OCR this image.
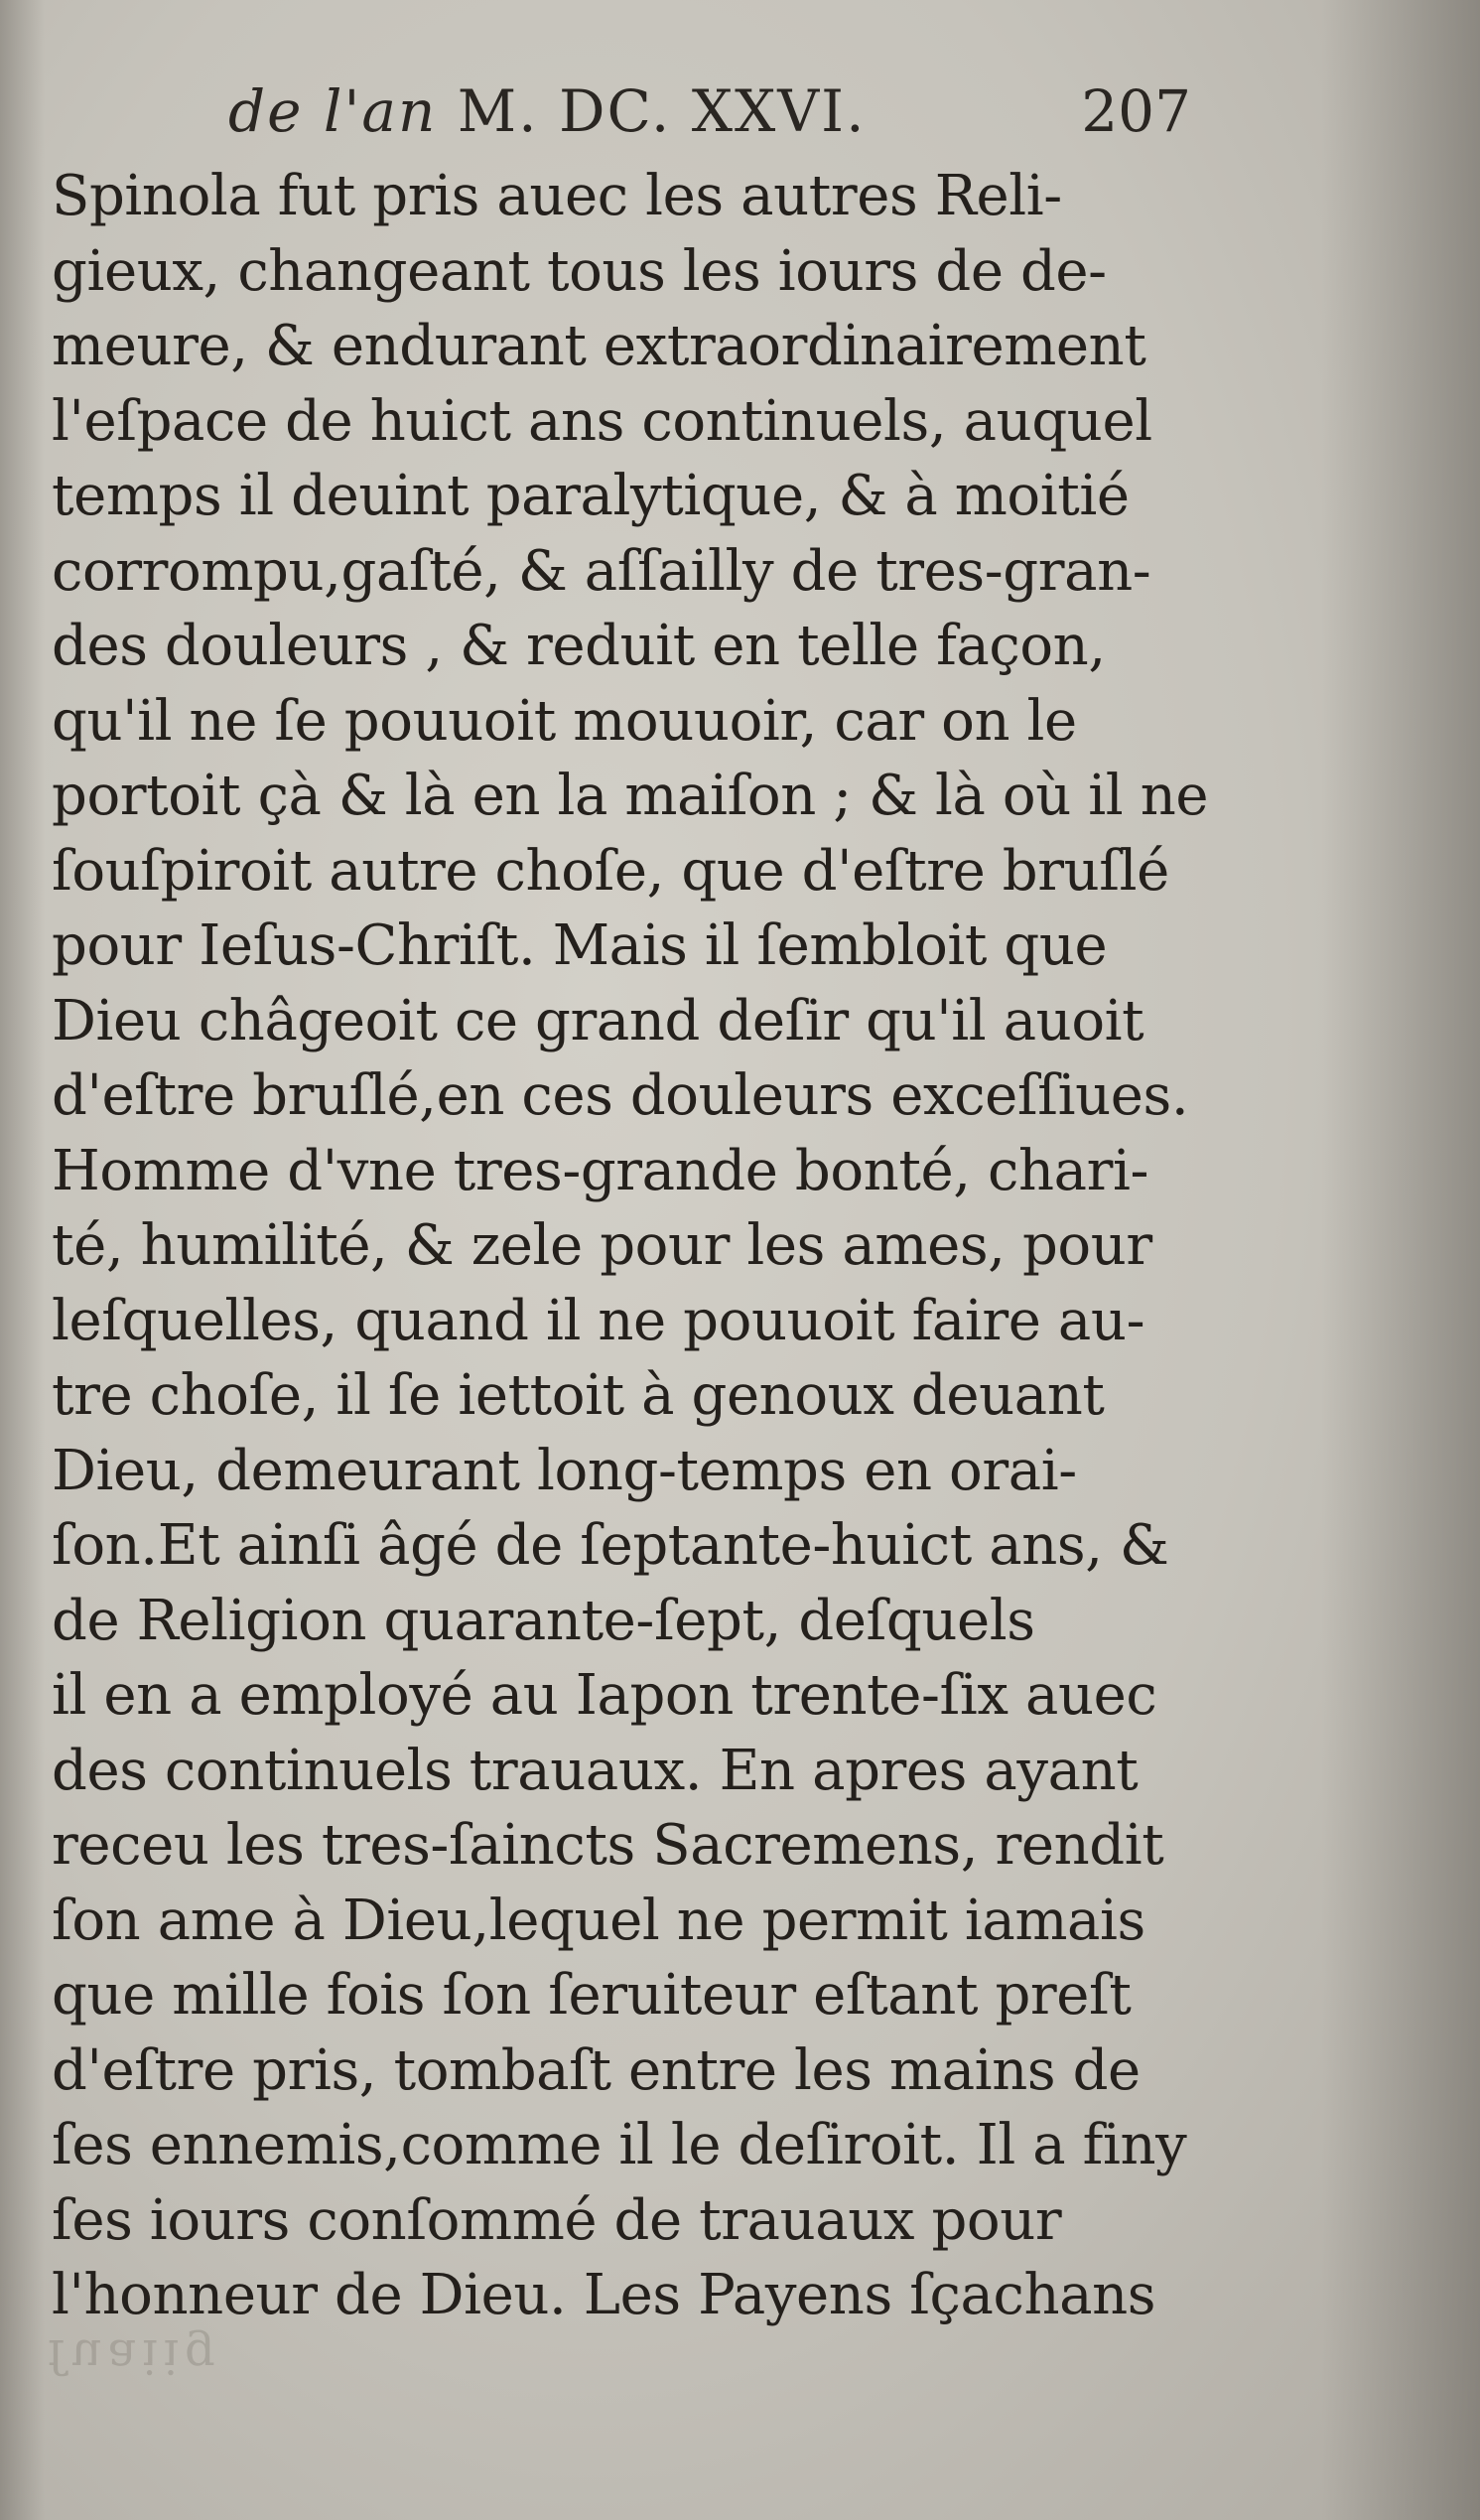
de l'an M. DC. XXVI.	207
Spinola fut pris auec les autres Reli-
gieux, changeant tous les iours de de-
meure, & endurant extraordinairement
l'eſpace de huict ans continuels, auquel
temps il deuint paralytique, & à moitié
corrompu,gaſté, & aſſailly de tres-gran-
des douleurs , & reduit en telle façon,
qu'il ne ſe pouuoit mouuoir, car on le
portoit çà & là en la maiſon ; & là où il ne
ſouſpiroit autre choſe, que d'eſtre bruſlé
pour Ieſus-Chriſt. Mais il ſembloit que
Dieu châgeoit ce grand deſir qu'il auoit
d'eſtre bruſlé,en ces douleurs exceſſiues.
Homme d'vne tres-grande bonté, chari-
té, humilité, & zele pour les ames, pour
leſquelles, quand il ne pouuoit faire au-
tre choſe, il ſe iettoit à genoux deuant
Dieu, demeurant long-temps en orai-
ſon.Et ainſi âgé de ſeptante-huict ans, &
de Religion quarante-ſept, deſquels
il en a employé au Iapon trente-ſix auec
des continuels trauaux. En apres ayant
receu les tres-ſaincts Sacremens, rendit
ſon ame à Dieu,lequel ne permit iamais
que mille fois ſon ſeruiteur eſtant preſt
d'eſtre pris, tombaſt entre les mains de
ſes ennemis,comme il le deſiroit. Il a finy
ſes iours conſommé de trauaux pour
l'honneur de Dieu. Les Payens ſçachans
ſuaiig
